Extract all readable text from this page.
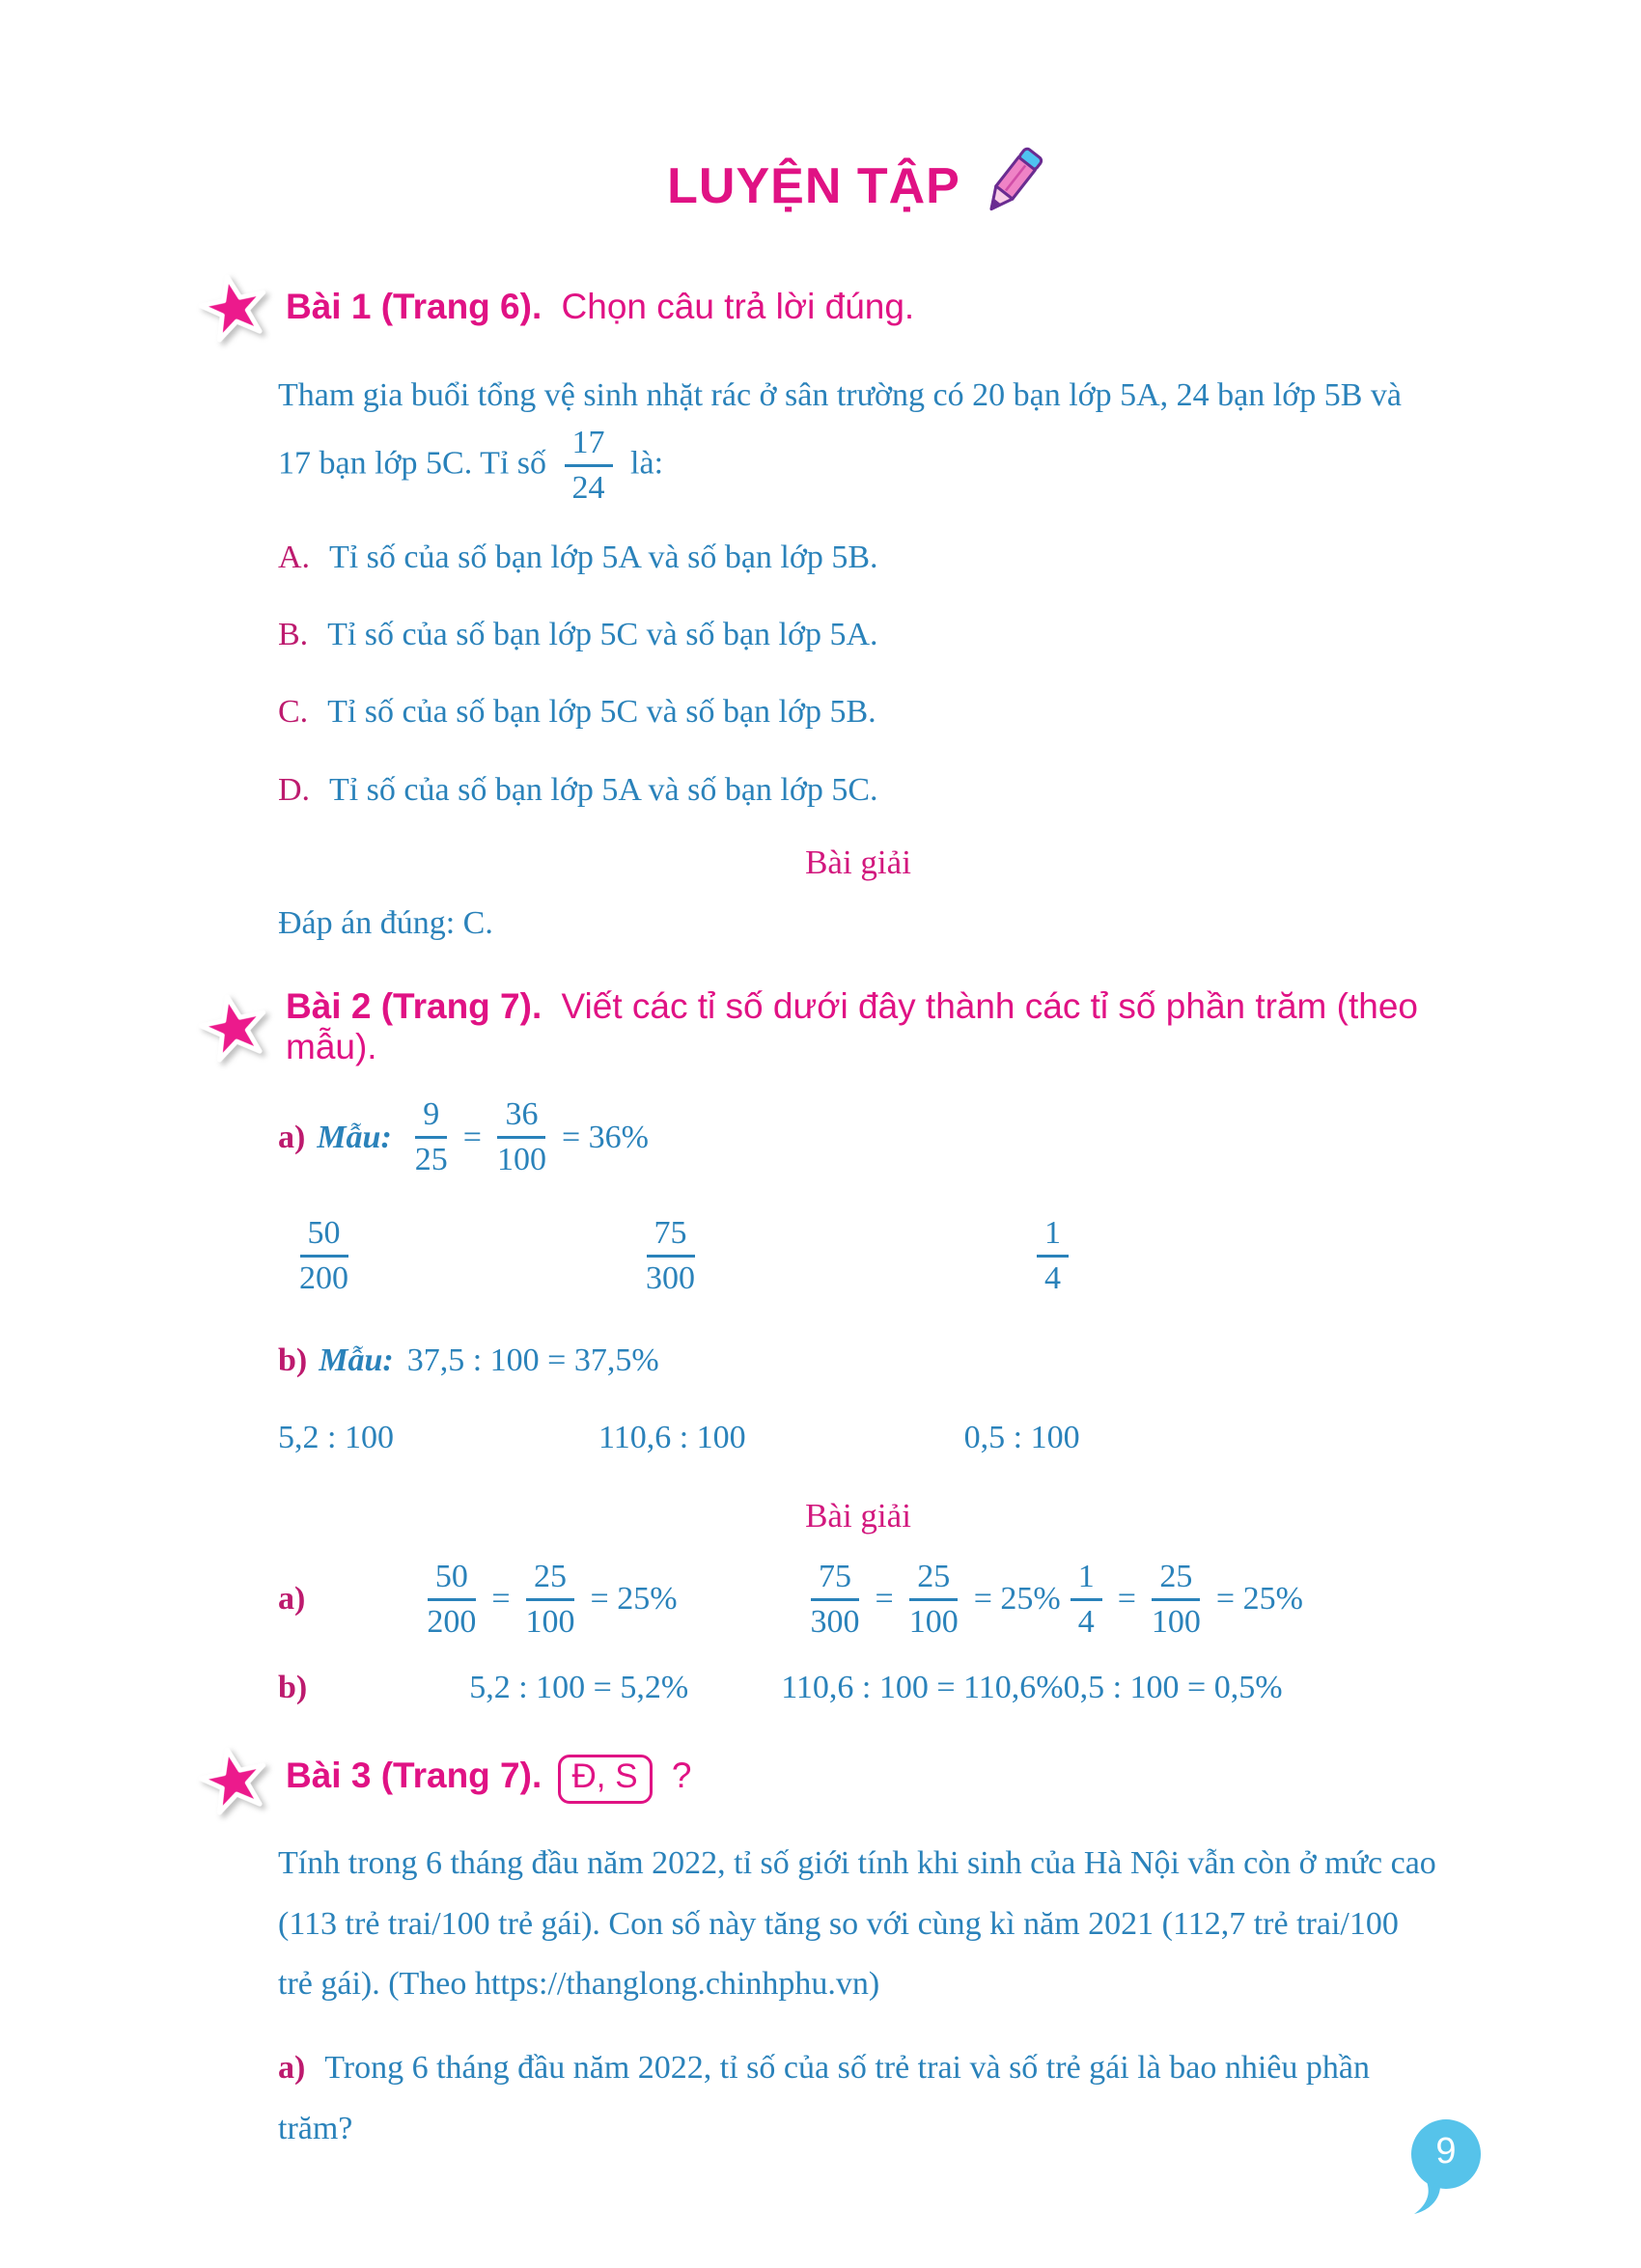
LUYỆN TẬP
Bài 1 (Trang 6). Chọn câu trả lời đúng.
Tham gia buổi tổng vệ sinh nhặt rác ở sân trường có 20 bạn lớp 5A, 24 bạn lớp 5B và 17 bạn lớp 5C. Tỉ số $\frac{17}{24}$ là:
A. Tỉ số của số bạn lớp 5A và số bạn lớp 5B.
B. Tỉ số của số bạn lớp 5C và số bạn lớp 5A.
C. Tỉ số của số bạn lớp 5C và số bạn lớp 5B.
D. Tỉ số của số bạn lớp 5A và số bạn lớp 5C.
Bài giải
Đáp án đúng: C.
Bài 2 (Trang 7). Viết các tỉ số dưới đây thành các tỉ số phần trăm (theo mẫu).
a) Mẫu: $\frac{9}{25} = \frac{36}{100} = 36\%$
$\frac{50}{200}$	$\frac{75}{300}$	$\frac{1}{4}$
b) Mẫu: 37,5 : 100 = 37,5%
5,2 : 100	110,6 : 100	0,5 : 100
Bài giải
a)	$\frac{50}{200} = \frac{25}{100} = 25\%$	$\frac{75}{300} = \frac{25}{100} = 25\% \frac{1}{4} = \frac{25}{100} = 25\%$
b)	5,2 : 100 = 5,2%	110,6 : 100 = 110,6% 0,5 : 100 = 0,5%
Bài 3 (Trang 7). Đ, S ?
Tính trong 6 tháng đầu năm 2022, tỉ số giới tính khi sinh của Hà Nội vẫn còn ở mức cao (113 trẻ trai/100 trẻ gái). Con số này tăng so với cùng kì năm 2021 (112,7 trẻ trai/100 trẻ gái). (Theo https://thanglong.chinhphu.vn)
a) Trong 6 tháng đầu năm 2022, tỉ số của số trẻ trai và số trẻ gái là bao nhiêu phần trăm?
9
